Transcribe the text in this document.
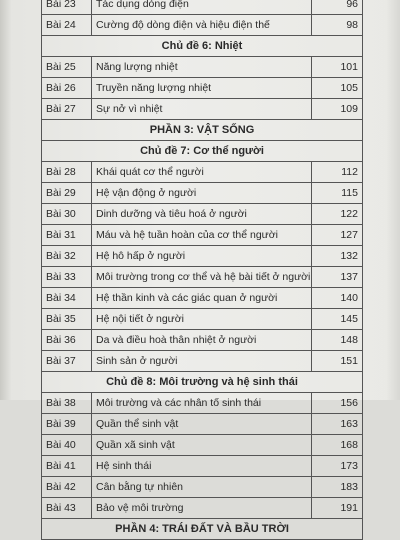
Bài 23	Tác dụng dòng điện	96
Bài 24	Cường độ dòng điện và hiệu điện thế	98
Chủ đề 6: Nhiệt		
Bài 25	Năng lượng nhiệt	101
Bài 26	Truyền năng lượng nhiệt	105
Bài 27	Sự nở vì nhiệt	109
PHẦN 3: VẬT SỐNG		
Chủ đề 7: Cơ thể người		
Bài 28	Khái quát cơ thể người	112
Bài 29	Hệ vận động ở người	115
Bài 30	Dinh dưỡng và tiêu hoá ở người	122
Bài 31	Máu và hệ tuần hoàn của cơ thể người	127
Bài 32	Hệ hô hấp ở người	132
Bài 33	Môi trường trong cơ thể và hệ bài tiết ở người	137
Bài 34	Hệ thần kinh và các giác quan ở người	140
Bài 35	Hệ nội tiết ở người	145
Bài 36	Da và điều hoà thân nhiệt ở người	148
Bài 37	Sinh sản ở người	151
Chủ đề 8: Môi trường và hệ sinh thái		
Bài 38	Môi trường và các nhân tố sinh thái	156
Bài 39	Quần thể sinh vật	163
Bài 40	Quần xã sinh vật	168
Bài 41	Hệ sinh thái	173
Bài 42	Cân bằng tự nhiên	183
Bài 43	Bảo vệ môi trường	191
PHẦN 4: TRÁI ĐẤT VÀ BẦU TRỜI		
